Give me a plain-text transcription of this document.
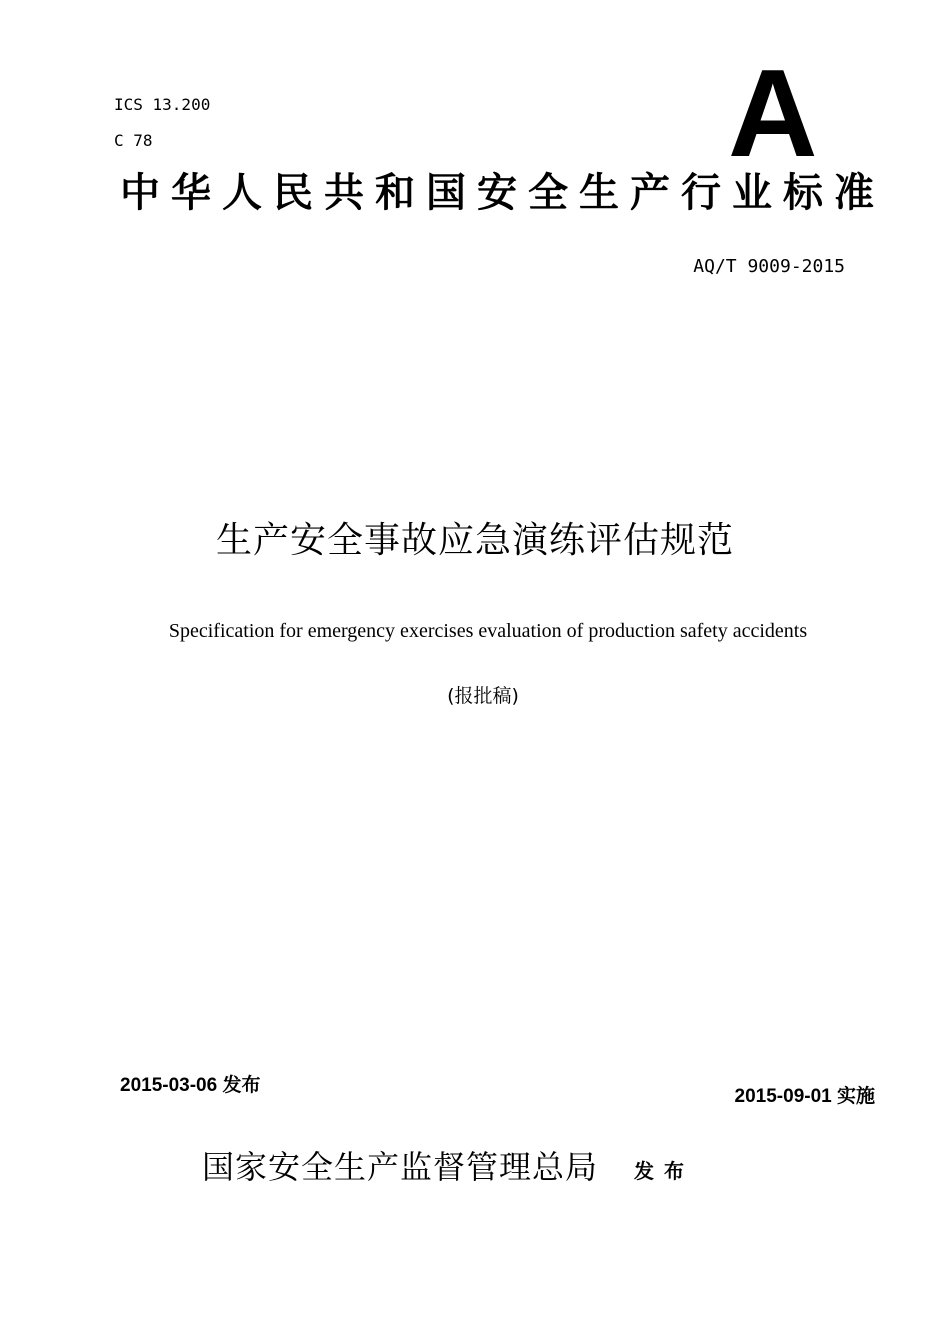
ICS 13.200
C 78	A
中华人民共和国安全生产行业标准
AQ/T 9009-2015
生产安全事故应急演练评估规范
Specification for emergency exercises evaluation of production safety accidents
(报批稿)
2015-03-06 发布
2015-09-01 实施
国家安全生产监督管理总局 发布
